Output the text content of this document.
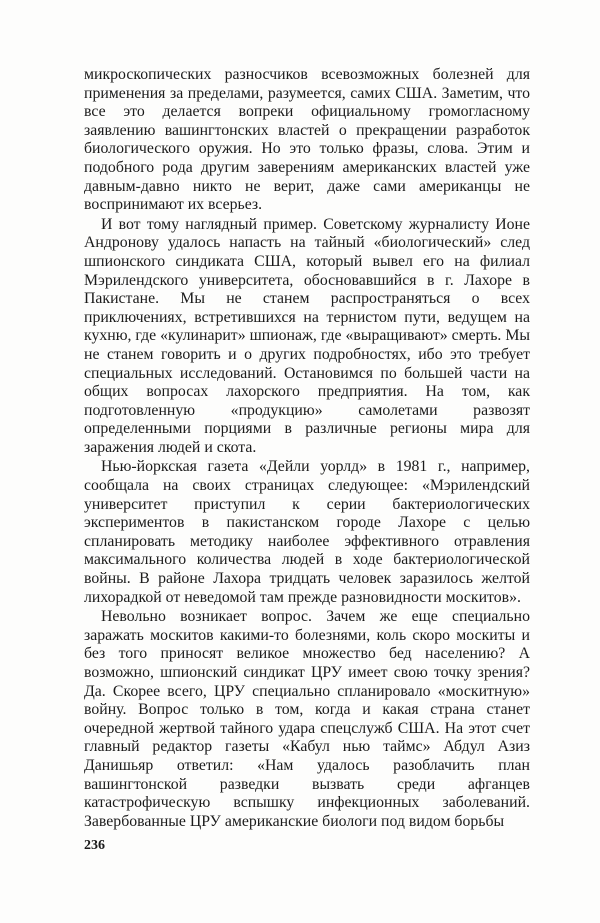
микроскопических разносчиков всевозможных болезней для применения за пределами, разумеется, самих США. Заметим, что все это делается вопреки официальному громогласному заявлению вашингтонских властей о прекращении разработок биологического оружия. Но это только фразы, слова. Этим и подобного рода другим заверениям американских властей уже давным-давно никто не верит, даже сами американцы не воспринимают их всерьез.

И вот тому наглядный пример. Советскому журналисту Ионе Андронову удалось напасть на тайный «биологический» след шпионского синдиката США, который вывел его на филиал Мэрилендского университета, обосновавшийся в г. Лахоре в Пакистане. Мы не станем распространяться о всех приключениях, встретившихся на тернистом пути, ведущем на кухню, где «кулинарит» шпионаж, где «выращивают» смерть. Мы не станем говорить и о других подробностях, ибо это требует специальных исследований. Остановимся по большей части на общих вопросах лахорского предприятия. На том, как подготовленную «продукцию» самолетами развозят определенными порциями в различные регионы мира для заражения людей и скота.

Нью-йоркская газета «Дейли уорлд» в 1981 г., например, сообщала на своих страницах следующее: «Мэрилендский университет приступил к серии бактериологических экспериментов в пакистанском городе Лахоре с целью спланировать методику наиболее эффективного отравления максимального количества людей в ходе бактериологической войны. В районе Лахора тридцать человек заразилось желтой лихорадкой от неведомой там прежде разновидности москитов».

Невольно возникает вопрос. Зачем же еще специально заражать москитов какими-то болезнями, коль скоро москиты и без того приносят великое множество бед населению? А возможно, шпионский синдикат ЦРУ имеет свою точку зрения? Да. Скорее всего, ЦРУ специально спланировало «москитную» войну. Вопрос только в том, когда и какая страна станет очередной жертвой тайного удара спецслужб США. На этот счет главный редактор газеты «Кабул нью таймс» Абдул Азиз Данишьяр ответил: «Нам удалось разоблачить план вашингтонской разведки вызвать среди афганцев катастрофическую вспышку инфекционных заболеваний. Завербованные ЦРУ американские биологи под видом борьбы

236
